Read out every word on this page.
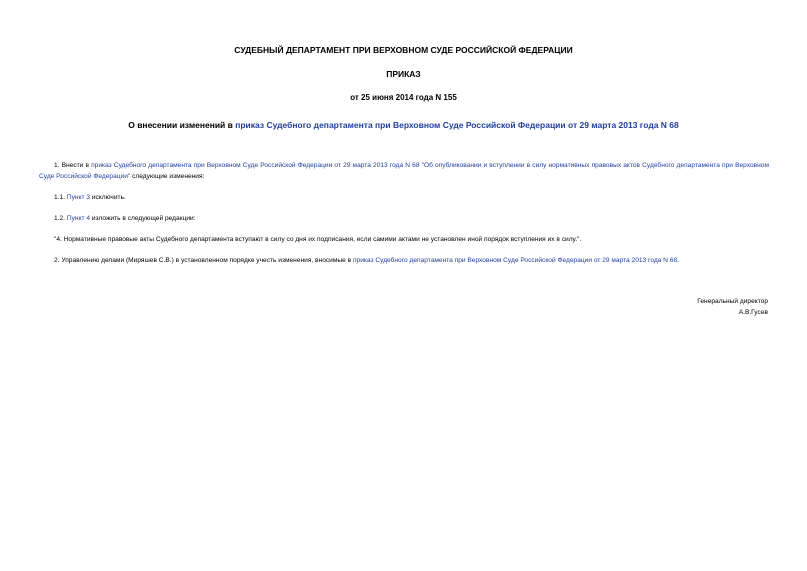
СУДЕБНЫЙ ДЕПАРТАМЕНТ ПРИ ВЕРХОВНОМ СУДЕ РОССИЙСКОЙ ФЕДЕРАЦИИ
ПРИКАЗ
от 25 июня 2014 года N 155
О внесении изменений в приказ Судебного департамента при Верховном Суде Российской Федерации от 29 марта 2013 года N 68
1. Внести в приказ Судебного департамента при Верховном Суде Российской Федерации от 29 марта 2013 года N 68 "Об опубликовании и вступлении в силу нормативных правовых актов Судебного департамента при Верховном Суде Российской Федерации" следующие изменения:
1.1. Пункт 3 исключить.
1.2. Пункт 4 изложить в следующей редакции:
"4. Нормативные правовые акты Судебного департамента вступают в силу со дня их подписания, если самими актами не установлен иной порядок вступления их в силу.".
2. Управлению делами (Миряшев С.В.) в установленном порядке учесть изменения, вносимые в приказ Судебного департамента при Верховном Суде Российской Федерации от 29 марта 2013 года N 68.
Генеральный директор
А.В.Гусев
